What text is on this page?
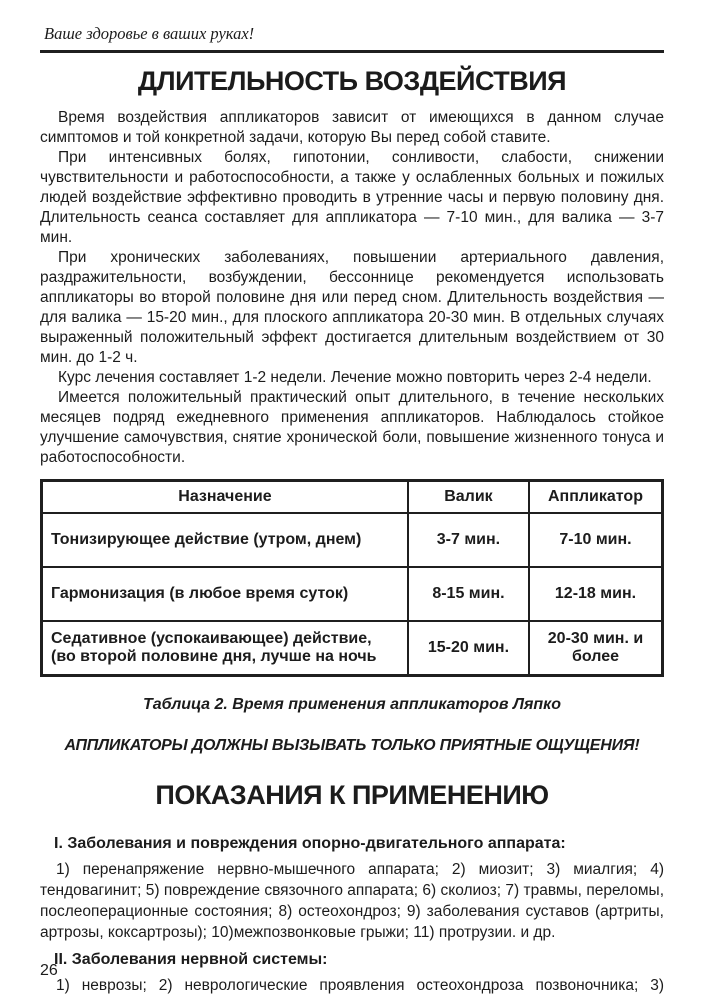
Ваше здоровье в ваших руках!
ДЛИТЕЛЬНОСТЬ ВОЗДЕЙСТВИЯ

Время воздействия аппликаторов зависит от имеющихся в данном случае симптомов и той конкретной задачи, которую Вы перед собой ставите.

При интенсивных болях, гипотонии, сонливости, слабости, снижении чувствительности и работоспособности, а также у ослабленных больных и пожилых людей воздействие эффективно проводить в утренние часы и первую половину дня. Длительность сеанса составляет для аппликатора — 7-10 мин., для валика — 3-7 мин.

При хронических заболеваниях, повышении артериального давления, раздражительности, возбуждении, бессоннице рекомендуется использовать аппликаторы во второй половине дня или перед сном. Длительность воздействия — для валика — 15-20 мин., для плоского аппликатора 20-30 мин. В отдельных случаях выраженный положительный эффект достигается длительным воздействием от 30 мин. до 1-2 ч.

Курс лечения составляет 1-2 недели. Лечение можно повторить через 2-4 недели.

Имеется положительный практический опыт длительного, в течение нескольких месяцев подряд ежедневного применения аппликаторов. Наблюдалось стойкое улучшение самочувствия, снятие хронической боли, повышение жизненного тонуса и работоспособности.

Назначение	Валик	Аппликатор
Тонизирующее действие (утром, днем)	3-7 мин.	7-10 мин.
Гармонизация (в любое время суток)	8-15 мин.	12-18 мин.
Седативное (успокаивающее) действие, (во второй половине дня, лучше на ночь	15-20 мин.	20-30 мин. и более
Таблица 2. Время применения аппликаторов Ляпко
АППЛИКАТОРЫ ДОЛЖНЫ ВЫЗЫВАТЬ ТОЛЬКО ПРИЯТНЫЕ ОЩУЩЕНИЯ!
ПОКАЗАНИЯ К ПРИМЕНЕНИЮ

I. Заболевания и повреждения опорно-двигательного аппарата:

1) перенапряжение нервно-мышечного аппарата; 2) миозит; 3) миалгия; 4) тендовагинит; 5) повреждение связочного аппарата; 6) сколиоз; 7) травмы, переломы, послеоперационные состояния; 8) остеохондроз; 9) заболевания суставов (артриты, артрозы, коксартрозы); 10)межпозвонковые грыжи; 11) протрузии. и др.

II. Заболевания нервной системы:

1) неврозы; 2) неврологические проявления остеохондроза позвоночника; 3)

26
